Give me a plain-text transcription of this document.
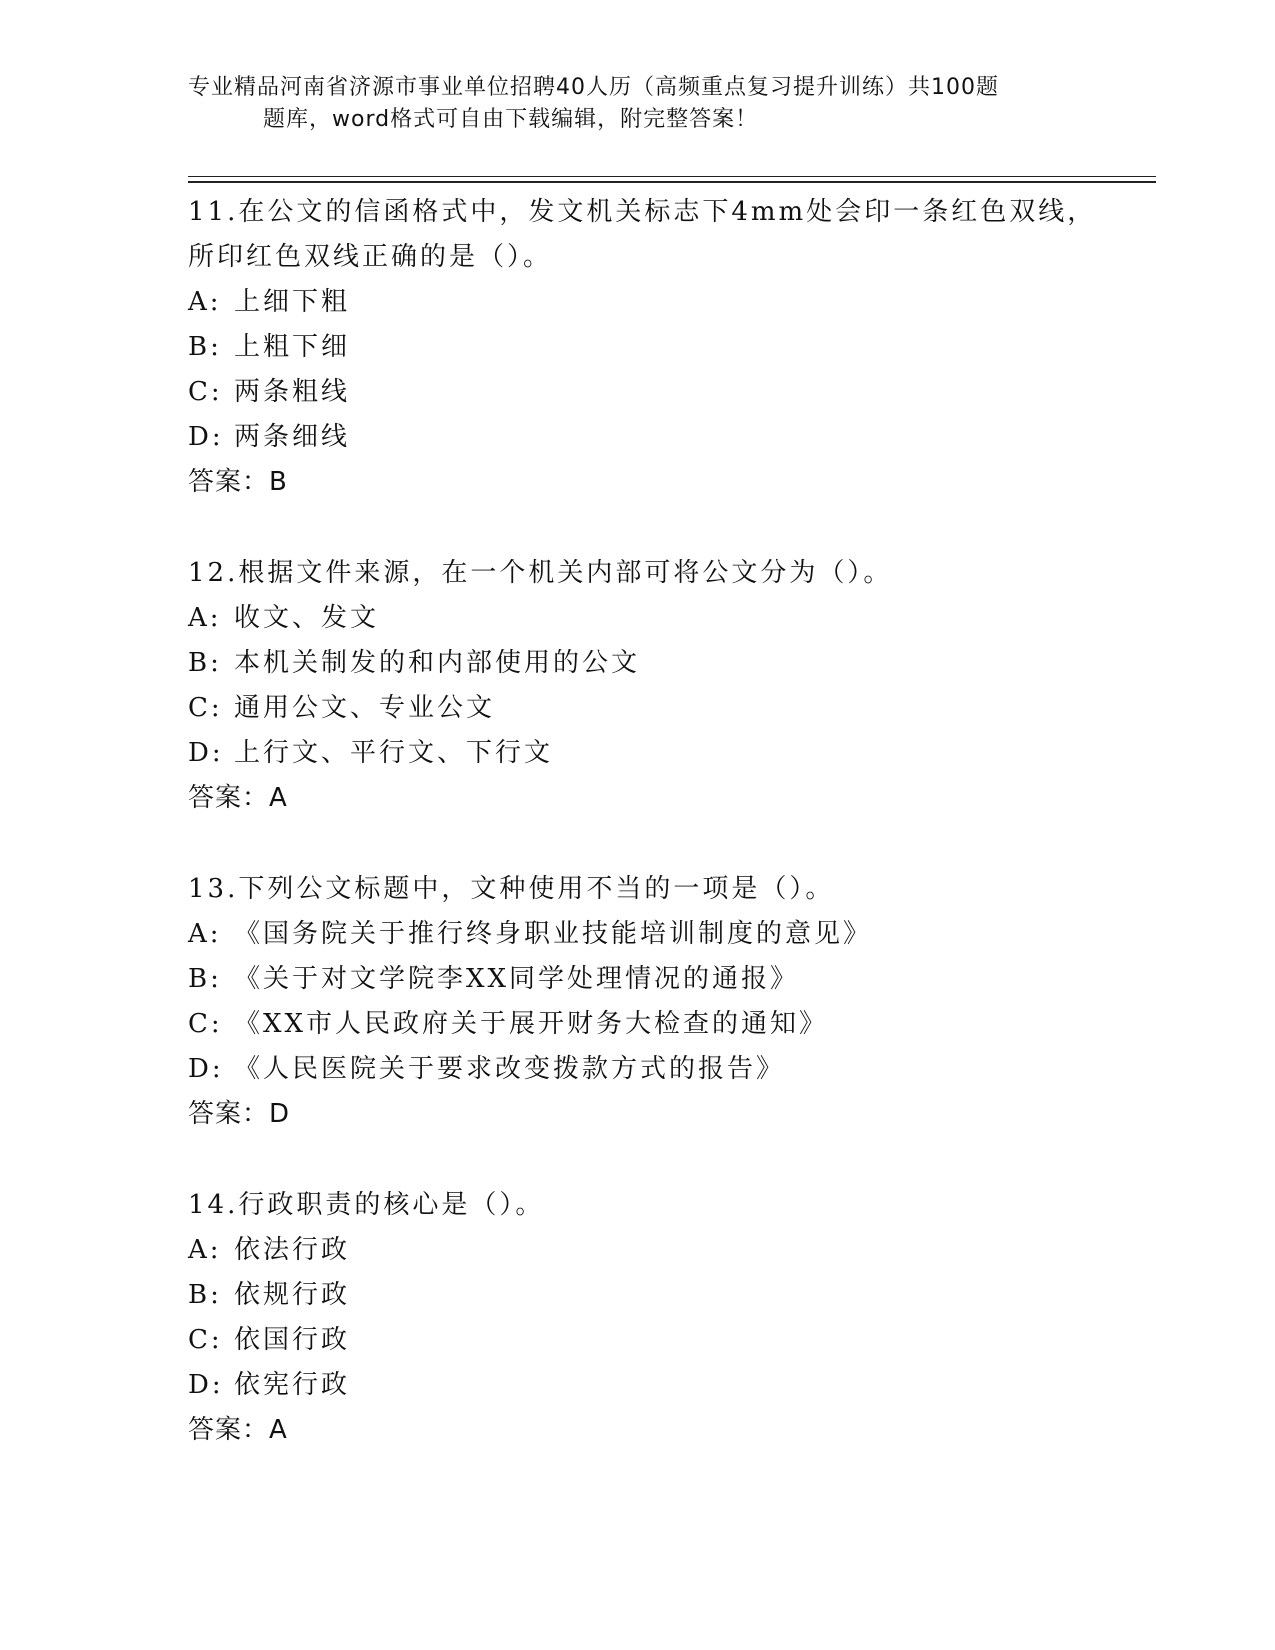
专业精品河南省济源市事业单位招聘40人历（高频重点复习提升训练）共100题
题库，word格式可自由下载编辑，附完整答案！

11.在公文的信函格式中，发文机关标志下4mm处会印一条红色双线，

所印红色双线正确的是（）。

A: 上细下粗

B: 上粗下细

C: 两条粗线

D: 两条细线

答案：B

12.根据文件来源，在一个机关内部可将公文分为（）。

A: 收文、发文

B: 本机关制发的和内部使用的公文

C: 通用公文、专业公文

D: 上行文、平行文、下行文

答案：A

13.下列公文标题中，文种使用不当的一项是（）。

A: 《国务院关于推行终身职业技能培训制度的意见》

B: 《关于对文学院李XX同学处理情况的通报》

C: 《XX市人民政府关于展开财务大检查的通知》

D: 《人民医院关于要求改变拨款方式的报告》

答案：D

14.行政职责的核心是（）。

A: 依法行政

B: 依规行政

C: 依国行政

D: 依宪行政

答案：A
